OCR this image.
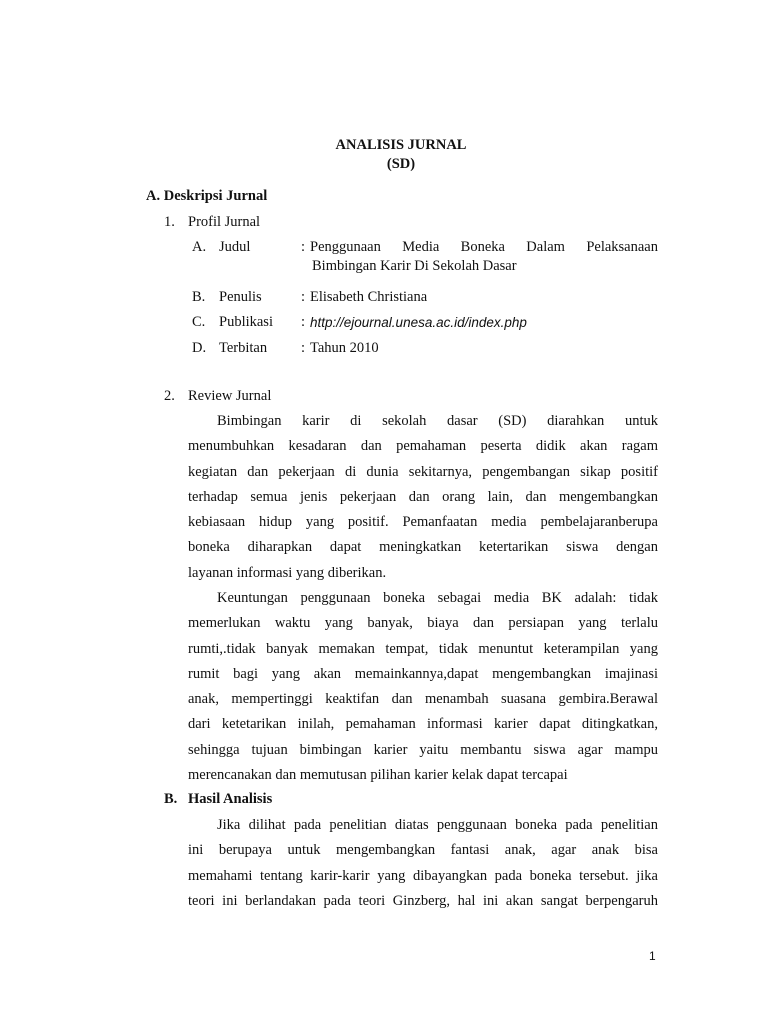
ANALISIS JURNAL
(SD)
A. Deskripsi Jurnal
1. Profil Jurnal
A. Judul	: Penggunaan Media Boneka Dalam Pelaksanaan
Bimbingan Karir Di Sekolah Dasar
B. Penulis	: Elisabeth Christiana
C. Publikasi	: http://ejournal.unesa.ac.id/index.php
D. Terbitan	: Tahun 2010
2. Review Jurnal
Bimbingan karir di sekolah dasar (SD) diarahkan untuk
menumbuhkan kesadaran dan pemahaman peserta didik akan ragam
kegiatan dan pekerjaan di dunia sekitarnya, pengembangan sikap positif
terhadap semua jenis pekerjaan dan orang lain, dan mengembangkan
kebiasaan hidup yang positif. Pemanfaatan media pembelajaranberupa
boneka diharapkan dapat meningkatkan ketertarikan siswa dengan
layanan informasi yang diberikan.
Keuntungan penggunaan boneka sebagai media BK adalah: tidak
memerlukan waktu yang banyak, biaya dan persiapan yang terlalu
rumti,.tidak banyak memakan tempat, tidak menuntut keterampilan yang
rumit bagi yang akan memainkannya,dapat mengembangkan imajinasi
anak, mempertinggi keaktifan dan menambah suasana gembira.Berawal
dari ketetarikan inilah, pemahaman informasi karier dapat ditingkatkan,
sehingga tujuan bimbingan karier yaitu membantu siswa agar mampu
merencanakan dan memutusan pilihan karier kelak dapat tercapai
B. Hasil Analisis
Jika dilihat pada penelitian diatas penggunaan boneka pada penelitian
ini berupaya untuk mengembangkan fantasi anak, agar anak bisa
memahami tentang karir-karir yang dibayangkan pada boneka tersebut. jika
teori ini berlandakan pada teori Ginzberg, hal ini akan sangat berpengaruh
1
